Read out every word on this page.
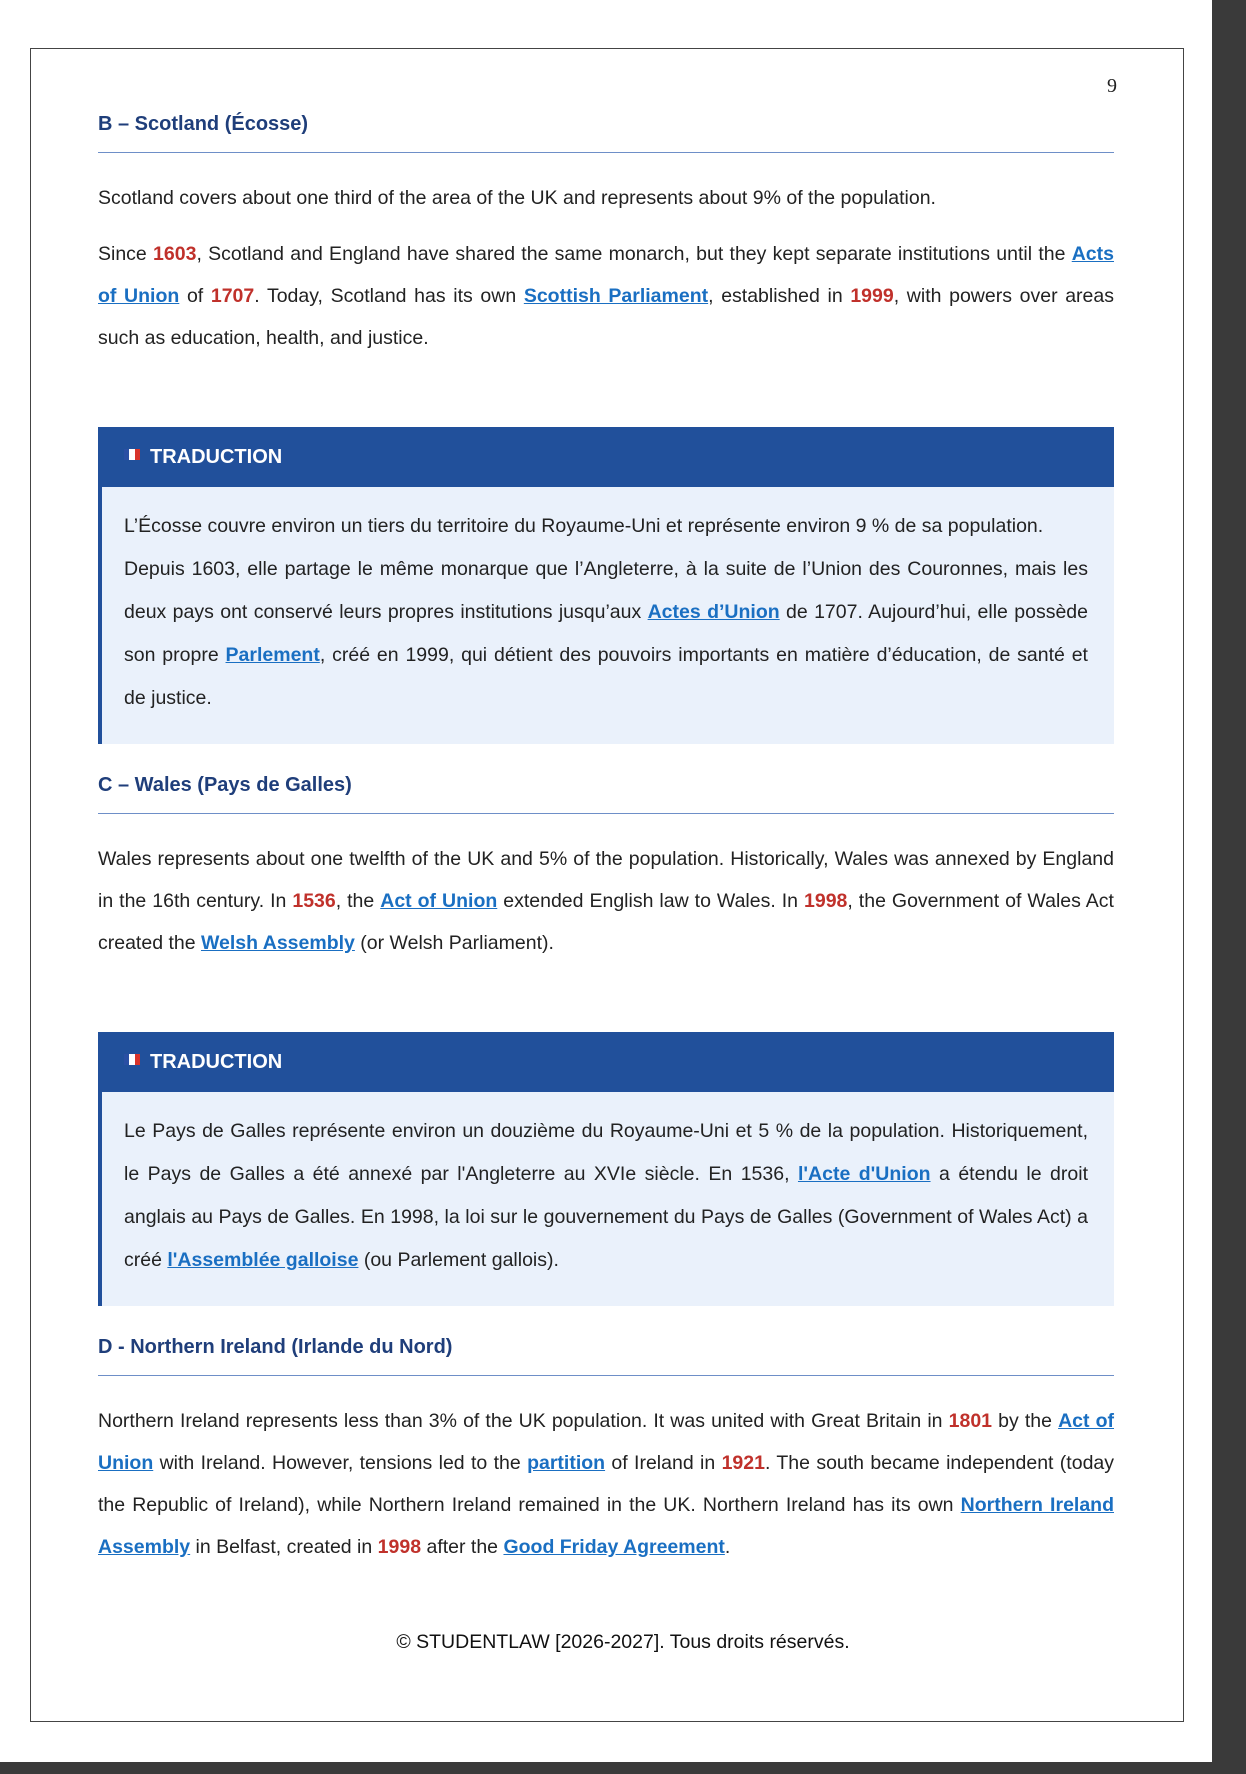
9
B – Scotland (Écosse)

Scotland covers about one third of the area of the UK and represents about 9% of the population.

Since 1603, Scotland and England have shared the same monarch, but they kept separate institutions until the Acts of Union of 1707. Today, Scotland has its own Scottish Parliament, established in 1999, with powers over areas such as education, health, and justice.

TRADUCTION

L’Écosse couvre environ un tiers du territoire du Royaume-Uni et représente environ 9 % de sa population.

Depuis 1603, elle partage le même monarque que l’Angleterre, à la suite de l’Union des Couronnes, mais les deux pays ont conservé leurs propres institutions jusqu’aux Actes d’Union de 1707. Aujourd’hui, elle possède son propre Parlement, créé en 1999, qui détient des pouvoirs importants en matière d’éducation, de santé et de justice.

C – Wales (Pays de Galles)

Wales represents about one twelfth of the UK and 5% of the population. Historically, Wales was annexed by England in the 16th century. In 1536, the Act of Union extended English law to Wales. In 1998, the Government of Wales Act created the Welsh Assembly (or Welsh Parliament).

TRADUCTION

Le Pays de Galles représente environ un douzième du Royaume-Uni et 5 % de la population. Historiquement, le Pays de Galles a été annexé par l'Angleterre au XVIe siècle. En 1536, l'Acte d'Union a étendu le droit anglais au Pays de Galles. En 1998, la loi sur le gouvernement du Pays de Galles (Government of Wales Act) a créé l'Assemblée galloise (ou Parlement gallois).

D - Northern Ireland (Irlande du Nord)

Northern Ireland represents less than 3% of the UK population. It was united with Great Britain in 1801 by the Act of Union with Ireland. However, tensions led to the partition of Ireland in 1921. The south became independent (today the Republic of Ireland), while Northern Ireland remained in the UK. Northern Ireland has its own Northern Ireland Assembly in Belfast, created in 1998 after the Good Friday Agreement.

© STUDENTLAW [2026-2027]. Tous droits réservés.
